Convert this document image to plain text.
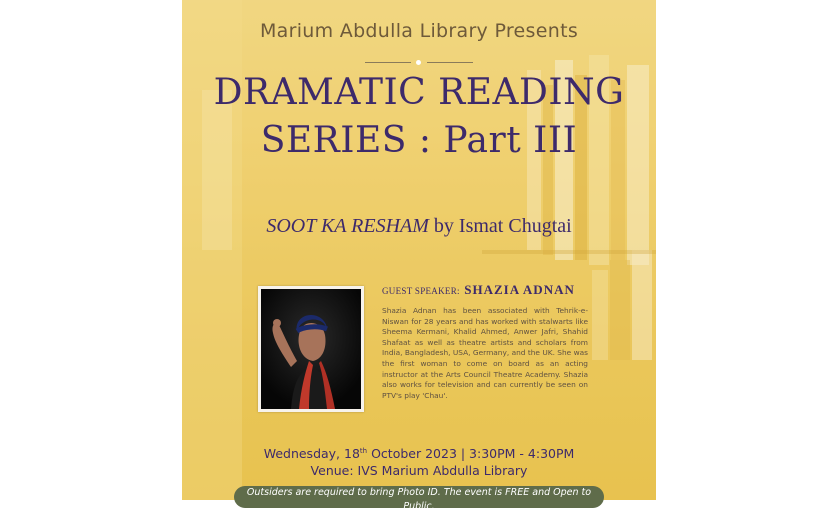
Marium Abdulla Library Presents
DRAMATIC READING
SERIES : Part III
SOOT KA RESHAM by Ismat Chugtai
GUEST SPEAKER: SHAZIA ADNAN
Shazia Adnan has been associated with Tehrik-e-Niswan for 28 years and has worked with stalwarts like Sheema Kermani, Khalid Ahmed, Anwer Jafri, Shahid Shafaat as well as theatre artists and scholars from India, Bangladesh, USA, Germany, and the UK. She was the first woman to come on board as an acting instructor at the Arts Council Theatre Academy. Shazia also works for television and can currently be seen on PTV's play 'Chau'.
Wednesday, 18th October 2023 | 3:30PM - 4:30PM
Venue: IVS Marium Abdulla Library
Outsiders are required to bring Photo ID. The event is FREE and Open to Public.
